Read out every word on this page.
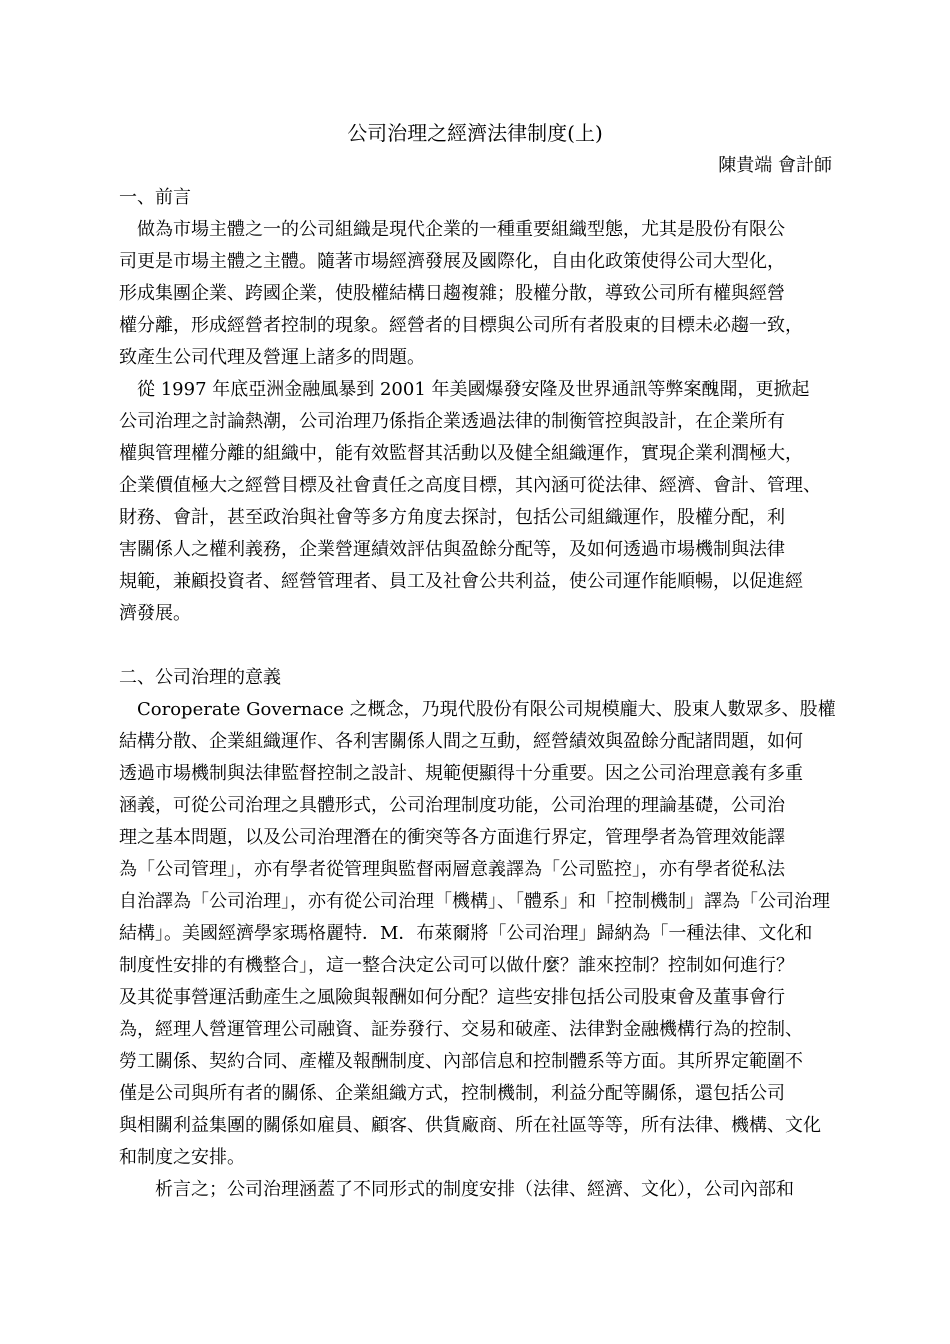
公司治理之經濟法律制度(上)
陳貴端 會計師
一、前言
　做為市場主體之一的公司組織是現代企業的一種重要組織型態，尤其是股份有限公
司更是市場主體之主體。隨著市場經濟發展及國際化，自由化政策使得公司大型化，
形成集團企業、跨國企業，使股權結構日趨複雜；股權分散，導致公司所有權與經營
權分離，形成經營者控制的現象。經營者的目標與公司所有者股東的目標未必趨一致，
致產生公司代理及營運上諸多的問題。
　從 1997 年底亞洲金融風暴到 2001 年美國爆發安隆及世界通訊等弊案醜聞，更掀起
公司治理之討論熱潮，公司治理乃係指企業透過法律的制衡管控與設計，在企業所有
權與管理權分離的組織中，能有效監督其活動以及健全組織運作，實現企業利潤極大，
企業價值極大之經營目標及社會責任之高度目標，其內涵可從法律、經濟、會計、管理、
財務、會計，甚至政治與社會等多方角度去探討，包括公司組織運作，股權分配，利
害關係人之權利義務，企業營運績效評估與盈餘分配等，及如何透過市場機制與法律
規範，兼顧投資者、經營管理者、員工及社會公共利益，使公司運作能順暢，以促進經
濟發展。
二、公司治理的意義
　Coroperate Governace 之概念，乃現代股份有限公司規模龐大、股東人數眾多、股權
結構分散、企業組織運作、各利害關係人間之互動，經營績效與盈餘分配諸問題，如何
透過市場機制與法律監督控制之設計、規範便顯得十分重要。因之公司治理意義有多重
涵義，可從公司治理之具體形式，公司治理制度功能，公司治理的理論基礎，公司治
理之基本問題，以及公司治理潛在的衝突等各方面進行界定，管理學者為管理效能譯
為「公司管理」，亦有學者從管理與監督兩層意義譯為「公司監控」，亦有學者從私法
自治譯為「公司治理」，亦有從公司治理「機構」、「體系」和「控制機制」譯為「公司治理
結構」。美國經濟學家瑪格麗特．M．布萊爾將「公司治理」歸納為「一種法律、文化和
制度性安排的有機整合」，這一整合決定公司可以做什麼？誰來控制？控制如何進行？
及其從事營運活動產生之風險與報酬如何分配？這些安排包括公司股東會及董事會行
為，經理人營運管理公司融資、証券發行、交易和破產、法律對金融機構行為的控制、
勞工關係、契約合同、產權及報酬制度、內部信息和控制體系等方面。其所界定範圍不
僅是公司與所有者的關係、企業組織方式，控制機制，利益分配等關係，還包括公司
與相關利益集團的關係如雇員、顧客、供貨廠商、所在社區等等，所有法律、機構、文化
和制度之安排。
　　析言之；公司治理涵蓋了不同形式的制度安排（法律、經濟、文化），公司內部和
